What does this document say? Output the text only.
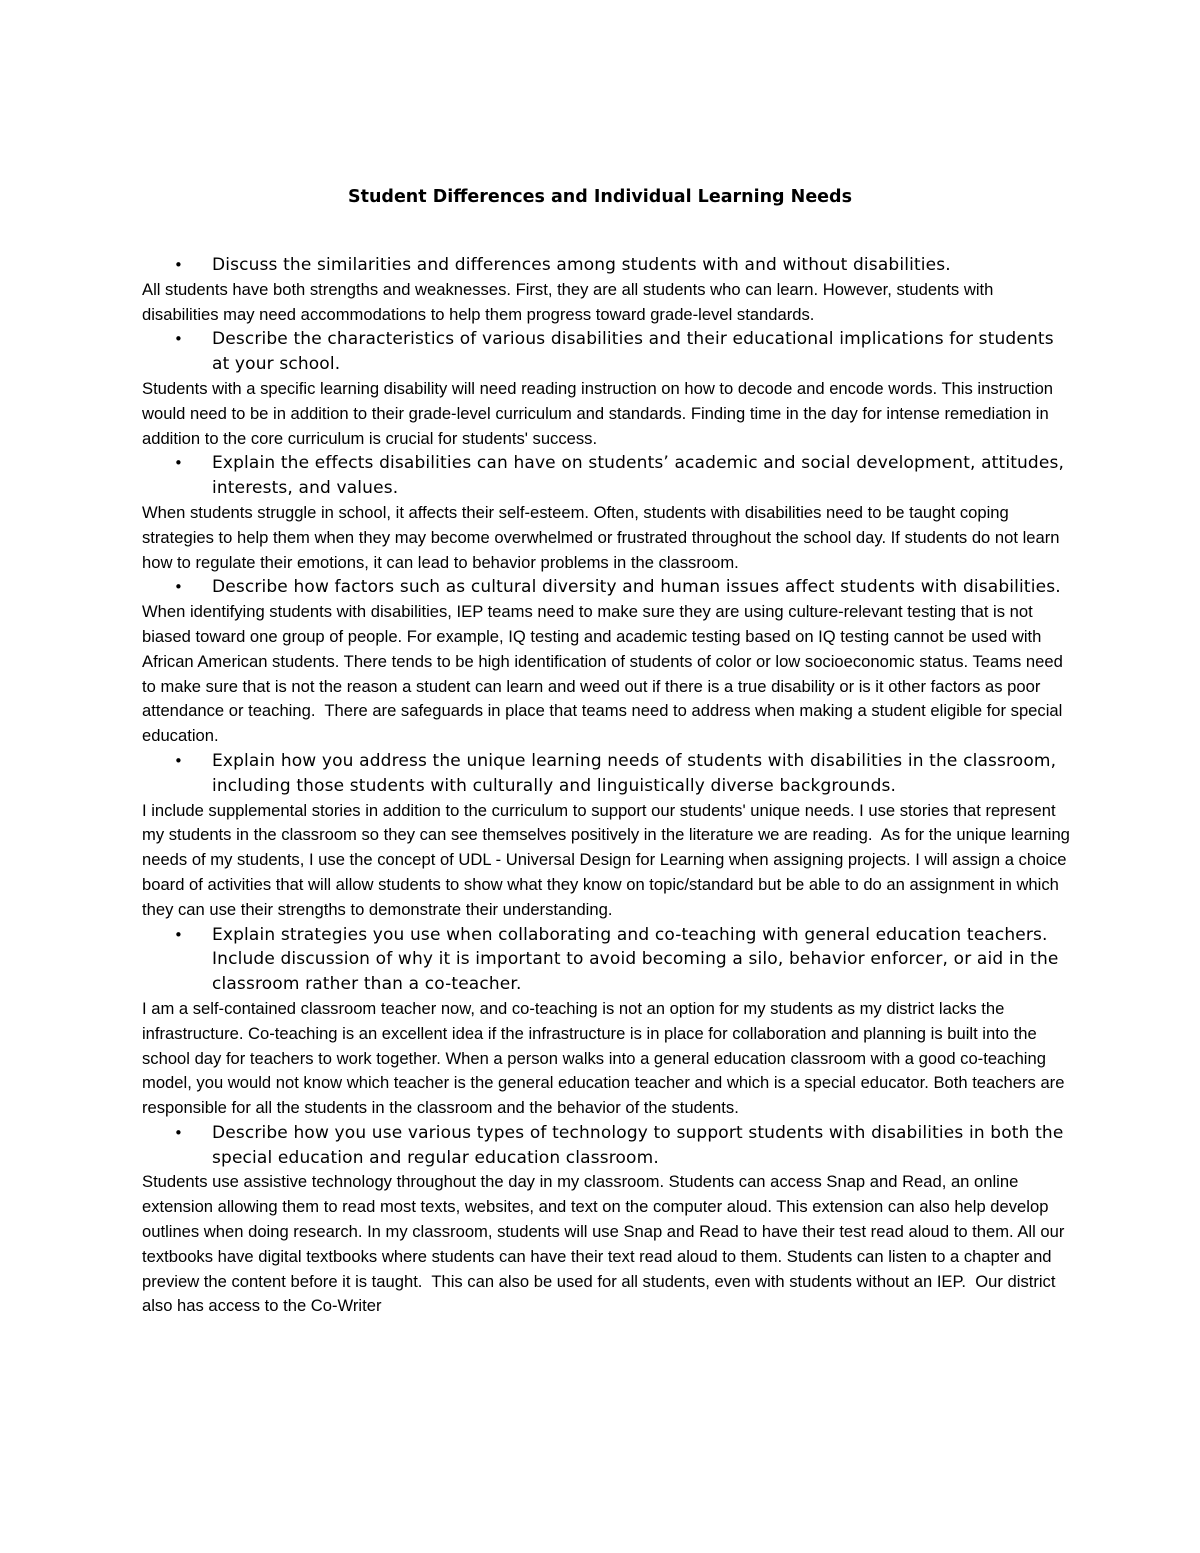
Student Differences and Individual Learning Needs
• Discuss the similarities and differences among students with and without disabilities.
All students have both strengths and weaknesses. First, they are all students who can learn. However, students with disabilities may need accommodations to help them progress toward grade-level standards.
• Describe the characteristics of various disabilities and their educational implications for students at your school.
Students with a specific learning disability will need reading instruction on how to decode and encode words. This instruction would need to be in addition to their grade-level curriculum and standards. Finding time in the day for intense remediation in addition to the core curriculum is crucial for students' success.
• Explain the effects disabilities can have on students’ academic and social development, attitudes, interests, and values.
When students struggle in school, it affects their self-esteem. Often, students with disabilities need to be taught coping strategies to help them when they may become overwhelmed or frustrated throughout the school day. If students do not learn how to regulate their emotions, it can lead to behavior problems in the classroom.
• Describe how factors such as cultural diversity and human issues affect students with disabilities.
When identifying students with disabilities, IEP teams need to make sure they are using culture-relevant testing that is not biased toward one group of people. For example, IQ testing and academic testing based on IQ testing cannot be used with African American students. There tends to be high identification of students of color or low socioeconomic status. Teams need to make sure that is not the reason a student can learn and weed out if there is a true disability or is it other factors as poor attendance or teaching.  There are safeguards in place that teams need to address when making a student eligible for special education.
• Explain how you address the unique learning needs of students with disabilities in the classroom, including those students with culturally and linguistically diverse backgrounds.
I include supplemental stories in addition to the curriculum to support our students' unique needs. I use stories that represent my students in the classroom so they can see themselves positively in the literature we are reading.  As for the unique learning needs of my students, I use the concept of UDL - Universal Design for Learning when assigning projects. I will assign a choice board of activities that will allow students to show what they know on topic/standard but be able to do an assignment in which they can use their strengths to demonstrate their understanding.
• Explain strategies you use when collaborating and co-teaching with general education teachers. Include discussion of why it is important to avoid becoming a silo, behavior enforcer, or aid in the classroom rather than a co-teacher.
I am a self-contained classroom teacher now, and co-teaching is not an option for my students as my district lacks the infrastructure. Co-teaching is an excellent idea if the infrastructure is in place for collaboration and planning is built into the school day for teachers to work together. When a person walks into a general education classroom with a good co-teaching model, you would not know which teacher is the general education teacher and which is a special educator. Both teachers are responsible for all the students in the classroom and the behavior of the students.
• Describe how you use various types of technology to support students with disabilities in both the special education and regular education classroom.
Students use assistive technology throughout the day in my classroom. Students can access Snap and Read, an online extension allowing them to read most texts, websites, and text on the computer aloud. This extension can also help develop outlines when doing research. In my classroom, students will use Snap and Read to have their test read aloud to them. All our textbooks have digital textbooks where students can have their text read aloud to them. Students can listen to a chapter and preview the content before it is taught.  This can also be used for all students, even with students without an IEP.  Our district also has access to the Co-Writer
